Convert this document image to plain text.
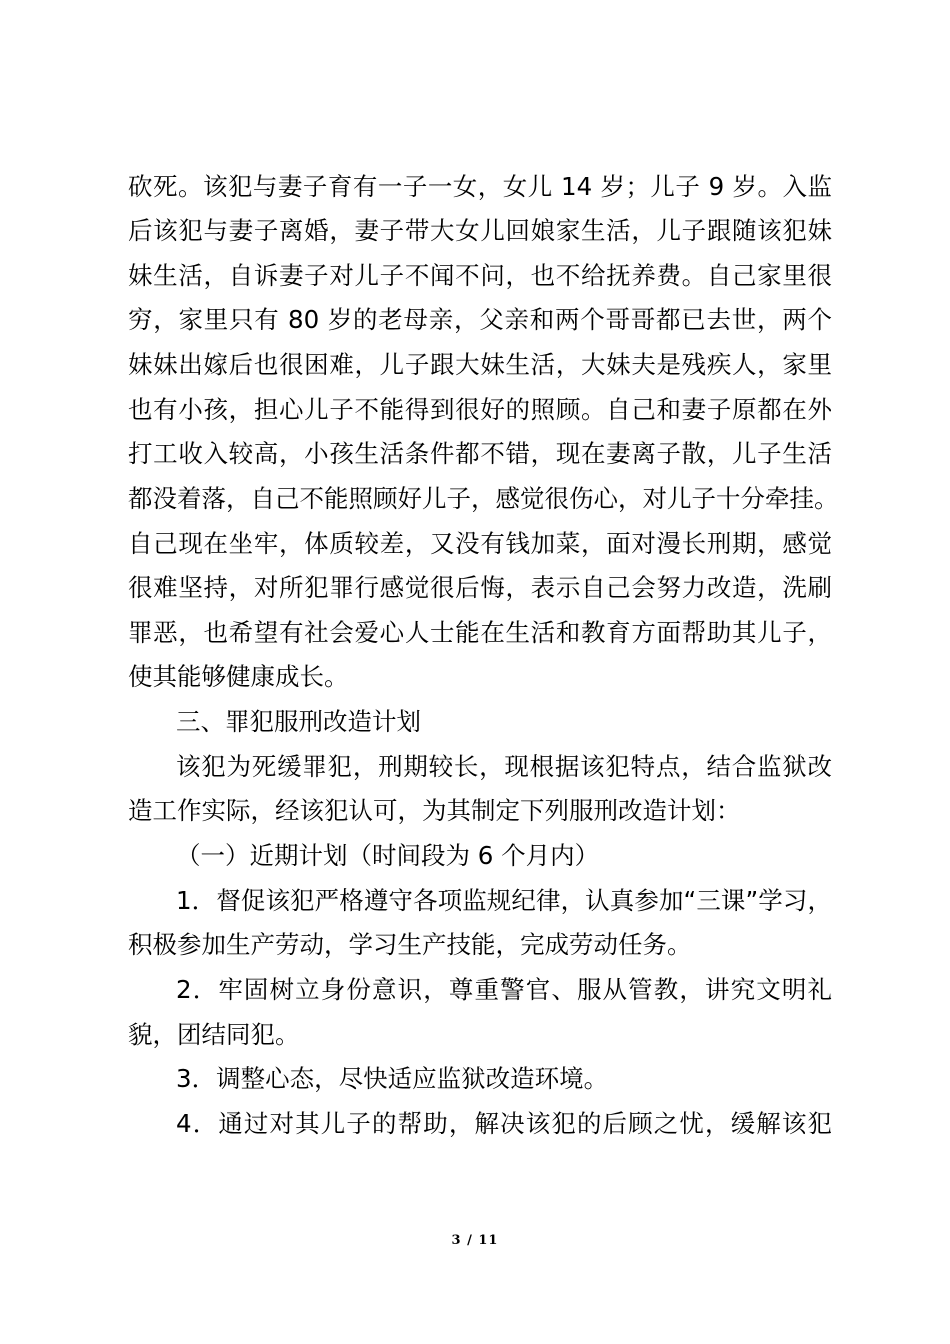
砍死。该犯与妻子育有一子一女，女儿 14 岁；儿子 9 岁。入监
后该犯与妻子离婚，妻子带大女儿回娘家生活，儿子跟随该犯妹
妹生活，自诉妻子对儿子不闻不问，也不给抚养费。自己家里很
穷，家里只有 80 岁的老母亲，父亲和两个哥哥都已去世，两个
妹妹出嫁后也很困难，儿子跟大妹生活，大妹夫是残疾人，家里
也有小孩，担心儿子不能得到很好的照顾。自己和妻子原都在外
打工收入较高，小孩生活条件都不错，现在妻离子散，儿子生活
都没着落，自己不能照顾好儿子，感觉很伤心，对儿子十分牵挂。
自己现在坐牢，体质较差，又没有钱加菜，面对漫长刑期，感觉
很难坚持，对所犯罪行感觉很后悔，表示自己会努力改造，洗刷
罪恶，也希望有社会爱心人士能在生活和教育方面帮助其儿子，
使其能够健康成长。
三、罪犯服刑改造计划
该犯为死缓罪犯，刑期较长，现根据该犯特点，结合监狱改
造工作实际，经该犯认可，为其制定下列服刑改造计划：
（一）近期计划（时间段为 6 个月内）
1．督促该犯严格遵守各项监规纪律，认真参加“三课”学习，
积极参加生产劳动，学习生产技能，完成劳动任务。
2．牢固树立身份意识，尊重警官、服从管教，讲究文明礼
貌，团结同犯。
3．调整心态，尽快适应监狱改造环境。
4．通过对其儿子的帮助，解决该犯的后顾之忧，缓解该犯
3 / 11
